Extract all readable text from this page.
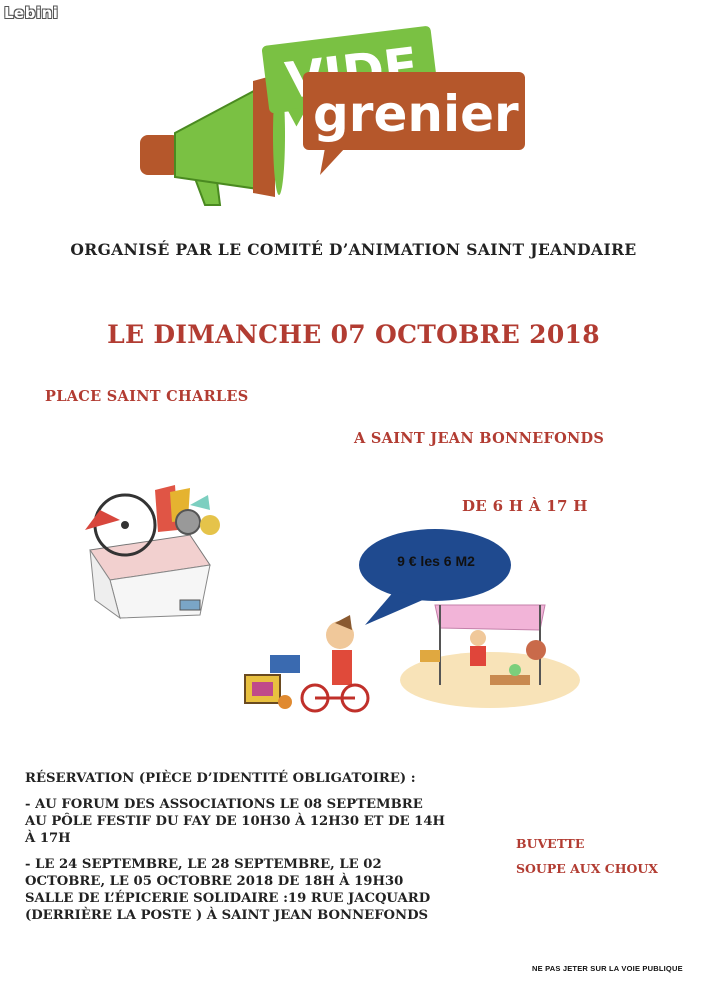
Lebini
grenier
ORGANISÉ PAR LE COMITÉ D’ANIMATION SAINT JEANDAIRE
LE DIMANCHE 07 OCTOBRE 2018
PLACE SAINT CHARLES
A SAINT JEAN BONNEFONDS
DE 6 H À 17 H
9 € les 6 M2

RÉSERVATION (PIÈCE D’IDENTITÉ OBLIGATOIRE) :

- AU FORUM DES ASSOCIATIONS LE 08 SEPTEMBRE AU PÔLE FESTIF DU FAY DE 10H30 À 12H30 ET DE 14H À 17H

- LE 24 SEPTEMBRE, LE 28 SEPTEMBRE, LE 02 OCTOBRE, LE 05 OCTOBRE 2018 DE 18H À 19H30 SALLE DE L’ÉPICERIE SOLIDAIRE :19 RUE JACQUARD (DERRIÈRE LA POSTE ) À SAINT JEAN BONNEFONDS

BUVETTE
SOUPE AUX CHOUX
NE PAS JETER SUR LA VOIE PUBLIQUE
